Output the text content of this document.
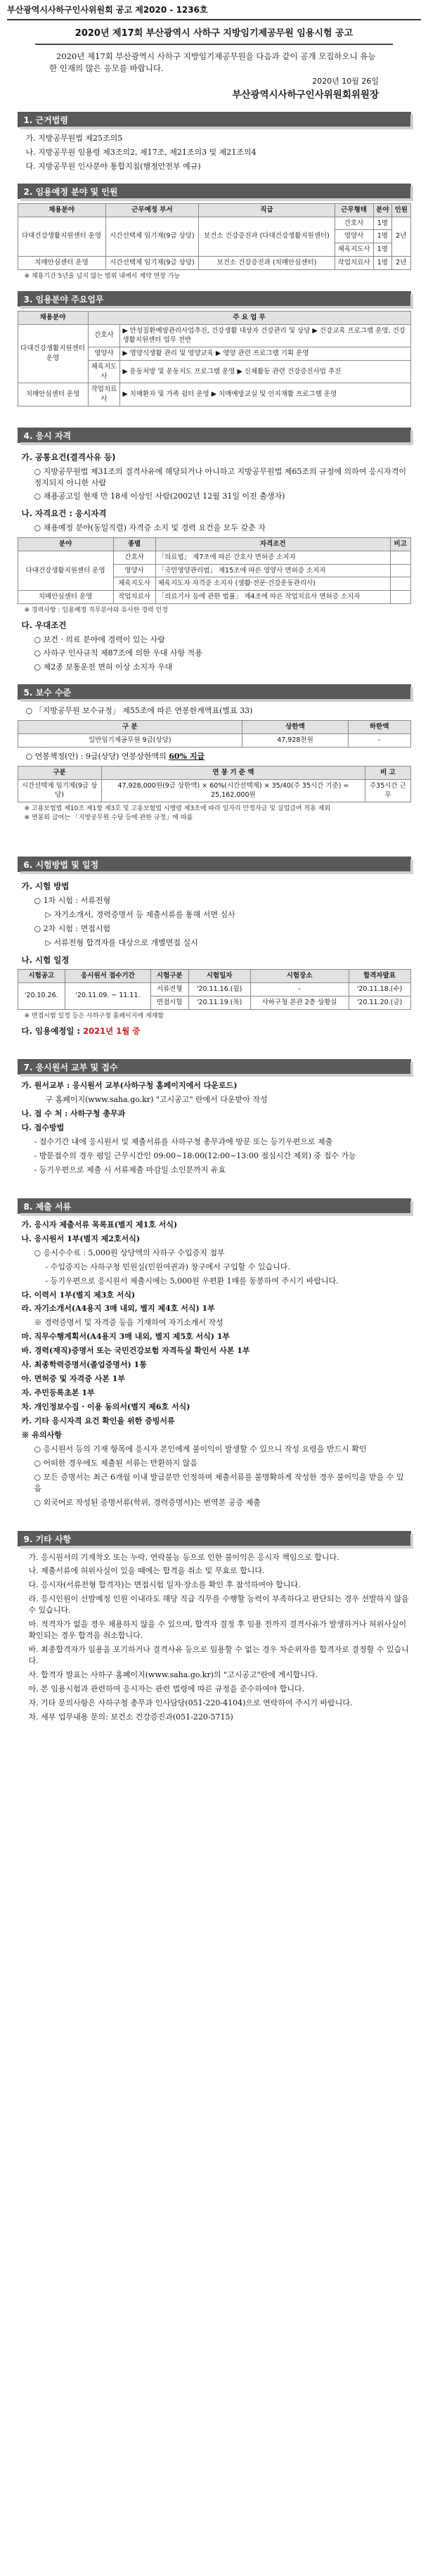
부산광역시사하구인사위원회 공고 제2020 - 1236호
2020년 제17회 부산광역시 사하구 지방임기제공무원 임용시험 공고
2020년 제17회 부산광역시 사하구 지방임기제공무원을 다음과 같이 공개 모집하오니 유능한 인재의 많은 응모를 바랍니다.
2020년 10월 26일
부산광역시사하구인사위원회위원장
1. 근거법령
가. 지방공무원법 제25조의5
나. 지방공무원 임용령 제3조의2, 제17조, 제21조의3 및 제21조의4
다. 지방공무원 인사분야 통합지침(행정안전부 예규)
2. 임용예정 분야 및 인원
채용분야	근무예정 부서	직급	근무형태	분야	인원
다대건강생활지원센터 운영	시간선택제 임기제(9급 상당)	보건소 건강증진과 (다대건강생활지원센터)	간호사	1명	2년
			영양사	1명	
			체육지도사	1명	
치매안심센터 운영	시간선택제 임기제(9급 상당)	보건소 건강증진과 (치매안심센터)	작업치료사	1명	2년
※ 채용기간 5년을 넘지 않는 범위 내에서 계약 연장 가능
3. 임용분야 주요업무
채용분야	주 요 업 무	
다대건강생활지원센터 운영	간호사	▶ 만성질환예방관리사업추진, 건강생활 대상자 건강관리 및 상담 ▶ 건강교육 프로그램 운영, 건강생활지원센터 업무 전반
	영양사	▶ 영양식생활 관리 및 영양교육 ▶ 영양 관련 프로그램 기획 운영
	체육지도사	▶ 운동처방 및 운동지도 프로그램 운영 ▶ 신체활동 관련 건강증진사업 추진
치매안심센터 운영	작업치료사	▶ 치매환자 및 가족 쉼터 운영 ▶ 치매예방교실 및 인지재활 프로그램 운영
4. 응시 자격
가. 공통요건(결격사유 등)
○ 지방공무원법 제31조의 결격사유에 해당되거나 아니하고 지방공무원법 제65조의 규정에 의하여 응시자격이 정지되지 아니한 사람
○ 채용공고일 현재 만 18세 이상인 사람(2002년 12월 31일 이전 출생자)
나. 자격요건 : 응시자격
○ 채용예정 분야(동일직렬) 자격증 소지 및 경력 요건을 모두 갖춘 자
분야	종별	자격조건	비고
다대건강생활지원센터 운영	간호사	「의료법」 제7조에 따른 간호사 면허증 소지자	
	영양사	「국민영양관리법」 제15조에 따른 영양사 면허증 소지자	
	체육지도사	체육지도자 자격증 소지자 (생활·전문·건강운동관리사)	
치매안심센터 운영	작업치료사	「의료기사 등에 관한 법률」 제4조에 따른 작업치료사 면허증 소지자	
※ 경력사항 : 임용예정 직무분야와 유사한 경력 인정
다. 우대조건
○ 보건 · 의료 분야에 경력이 있는 사람
○ 사하구 인사규칙 제87조에 의한 우대 사항 적용
○ 제2종 보통운전 면허 이상 소지자 우대
5. 보수 수준
○ 「지방공무원 보수규정」 제55조에 따른 연봉한계액표(별표 33)
구 분	상한액	하한액
일반임기제공무원 9급(상당)	47,928천원	-
○ 연봉책정(안) : 9급(상당) 연봉상한액의 60% 지급
구분	연 봉 기 준 액	비 고
시간선택제 임기제(9급 상당)	47,928,000원(9급 상한액) × 60%(시간선택제) × 35/40(주 35시간 기준) = 25,162,000원	주35시간 근무
※ 고용보험법 제10조 제1항 제3호 및 고용보험법 시행령 제3조에 따라 일자리 안정자금 및 실업급여 적용 제외
※ 연봉외 급여는 「지방공무원 수당 등에 관한 규정」에 따름
6. 시험방법 및 일정
가. 시험 방법
○ 1차 시험 : 서류전형
▷ 자기소개서, 경력증명서 등 제출서류를 통해 서면 심사
○ 2차 시험 : 면접시험
▷ 서류전형 합격자를 대상으로 개별면접 실시
나. 시험 일정
시험공고	응시원서 접수기간	시험구분	시험일자	시험장소	합격자발표
'20.10.26.	'20.11.09. ~ 11.11.	서류전형	'20.11.16.(월)	-	'20.11.18.(수)
		면접시험	'20.11.19.(목)	사하구청 본관 2층 상황실	'20.11.20.(금)
※ 면접시험 일정 등은 사하구청 홈페이지에 게재함
다. 임용예정일 : 2021년 1월 중
7. 응시원서 교부 및 접수
가. 원서교부 : 응시원서 교부(사하구청 홈페이지에서 다운로드)
구 홈페이지(www.saha.go.kr) "고시공고" 란에서 다운받아 작성
나. 접 수 처 : 사하구청 총무과
다. 접수방법
- 접수기간 내에 응시원서 및 제출서류를 사하구청 총무과에 방문 또는 등기우편으로 제출
- 방문접수의 경우 평일 근무시간인 09:00~18:00(12:00~13:00 점심시간 제외) 중 접수 가능
- 등기우편으로 제출 시 서류제출 마감일 소인분까지 유효
8. 제출 서류
가. 응시자 제출서류 목록표(별지 제1호 서식)
나. 응시원서 1부(별지 제2호서식)
○ 응시수수료 : 5,000원 상당액의 사하구 수입증지 첨부
- 수입증지는 사하구청 민원실(민원여권과) 창구에서 구입할 수 있습니다.
- 등기우편으로 응시원서 제출시에는 5,000원 우편환 1매를 동봉하여 주시기 바랍니다.
다. 이력서 1부(별지 제3호 서식)
라. 자기소개서(A4용지 3매 내외, 별지 제4호 서식) 1부
※ 경력증명서 및 자격증 등을 기재하여 자기소개서 작성
마. 직무수행계획서(A4용지 3매 내외, 별지 제5호 서식) 1부
바. 경력(재직)증명서 또는 국민건강보험 자격득실 확인서 사본 1부
사. 최종학력증명서(졸업증명서) 1통
아. 면허증 및 자격증 사본 1부
자. 주민등록초본 1부
차. 개인정보수집 · 이용 동의서(별지 제6호 서식)
카. 기타 응시자격 요건 확인을 위한 증빙서류
※ 유의사항
○ 응시원서 등의 기재 항목에 응시자 본인에게 불이익이 발생할 수 있으니 작성 요령을 반드시 확인
○ 어떠한 경우에도 제출된 서류는 반환하지 않음
○ 모든 증명서는 최근 6개월 이내 발급분만 인정하며 제출서류를 불명확하게 작성한 경우 불이익을 받을 수 있음
○ 외국어로 작성된 증명서류(학위, 경력증명서)는 번역본 공증 제출
9. 기타 사항
가. 응시원서의 기재착오 또는 누락, 연락불능 등으로 인한 불이익은 응시자 책임으로 합니다.
나. 제출서류에 허위사실이 있을 때에는 합격을 취소 및 무효로 합니다.
다. 응시자(서류전형 합격자)는 면접시험 일자·장소를 확인 후 참석하여야 합니다.
라. 응시인원이 선발예정 인원 이내라도 해당 직급 직무를 수행할 능력이 부족하다고 판단되는 경우 선발하지 않을 수 있습니다.
마. 적격자가 없을 경우 채용하지 않을 수 있으며, 합격자 결정 후 임용 전까지 결격사유가 발생하거나 허위사실이 확인되는 경우 합격을 취소합니다.
바. 최종합격자가 임용을 포기하거나 결격사유 등으로 임용할 수 없는 경우 차순위자를 합격자로 결정할 수 있습니다.
사. 합격자 발표는 사하구 홈페이지(www.saha.go.kr)의 "고시공고"란에 게시합니다.
아. 본 임용시험과 관련하여 응시자는 관련 법령에 따른 규정을 준수하여야 합니다.
자. 기타 문의사항은 사하구청 총무과 인사담당(051-220-4104)으로 연락하여 주시기 바랍니다.
차. 세부 업무내용 문의: 보건소 건강증진과(051-220-5715)
